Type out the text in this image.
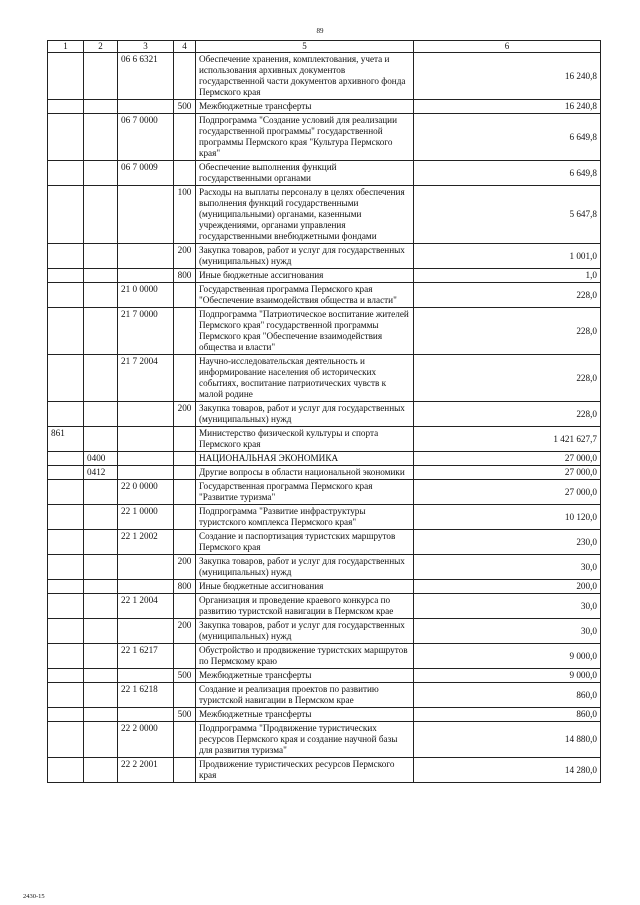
89
1	2	3	4	5	6
		06 6 6321		Обеспечение хранения, комплектования, учета и использования архивных документов государственной части документов архивного фонда Пермского края	16 240,8
			500	Межбюджетные трансферты	16 240,8
		06 7 0000		Подпрограмма "Создание условий для реализации государственной программы" государственной программы Пермского края "Культура Пермского края"	6 649,8
		06 7 0009		Обеспечение выполнения функций государственными органами	6 649,8
			100	Расходы на выплаты персоналу в целях обеспечения выполнения функций государственными (муниципальными) органами, казенными учреждениями, органами управления государственными внебюджетными фондами	5 647,8
			200	Закупка товаров, работ и услуг для государственных (муниципальных) нужд	1 001,0
			800	Иные бюджетные ассигнования	1,0
		21 0 0000		Государственная программа Пермского края "Обеспечение взаимодействия общества и власти"	228,0
		21 7 0000		Подпрограмма "Патриотическое воспитание жителей Пермского края" государственной программы Пермского края "Обеспечение взаимодействия общества и власти"	228,0
		21 7 2004		Научно-исследовательская деятельность и информирование населения об исторических событиях, воспитание патриотических чувств к малой родине	228,0
			200	Закупка товаров, работ и услуг для государственных (муниципальных) нужд	228,0
861				Министерство физической культуры и спорта Пермского края	1 421 627,7
	0400			НАЦИОНАЛЬНАЯ ЭКОНОМИКА	27 000,0
	0412			Другие вопросы в области национальной экономики	27 000,0
		22 0 0000		Государственная программа Пермского края "Развитие туризма"	27 000,0
		22 1 0000		Подпрограмма "Развитие инфраструктуры туристского комплекса Пермского края"	10 120,0
		22 1 2002		Создание и паспортизация туристских маршрутов Пермского края	230,0
			200	Закупка товаров, работ и услуг для государственных (муниципальных) нужд	30,0
			800	Иные бюджетные ассигнования	200,0
		22 1 2004		Организация и проведение краевого конкурса по развитию туристской навигации в Пермском крае	30,0
			200	Закупка товаров, работ и услуг для государственных (муниципальных) нужд	30,0
		22 1 6217		Обустройство и продвижение туристских маршрутов по Пермскому краю	9 000,0
			500	Межбюджетные трансферты	9 000,0
		22 1 6218		Создание и реализация проектов по развитию туристской навигации в Пермском крае	860,0
			500	Межбюджетные трансферты	860,0
		22 2 0000		Подпрограмма "Продвижение туристических ресурсов Пермского края и создание научной базы для развития туризма"	14 880,0
		22 2 2001		Продвижение туристических ресурсов Пермского края	14 280,0
2430-15
